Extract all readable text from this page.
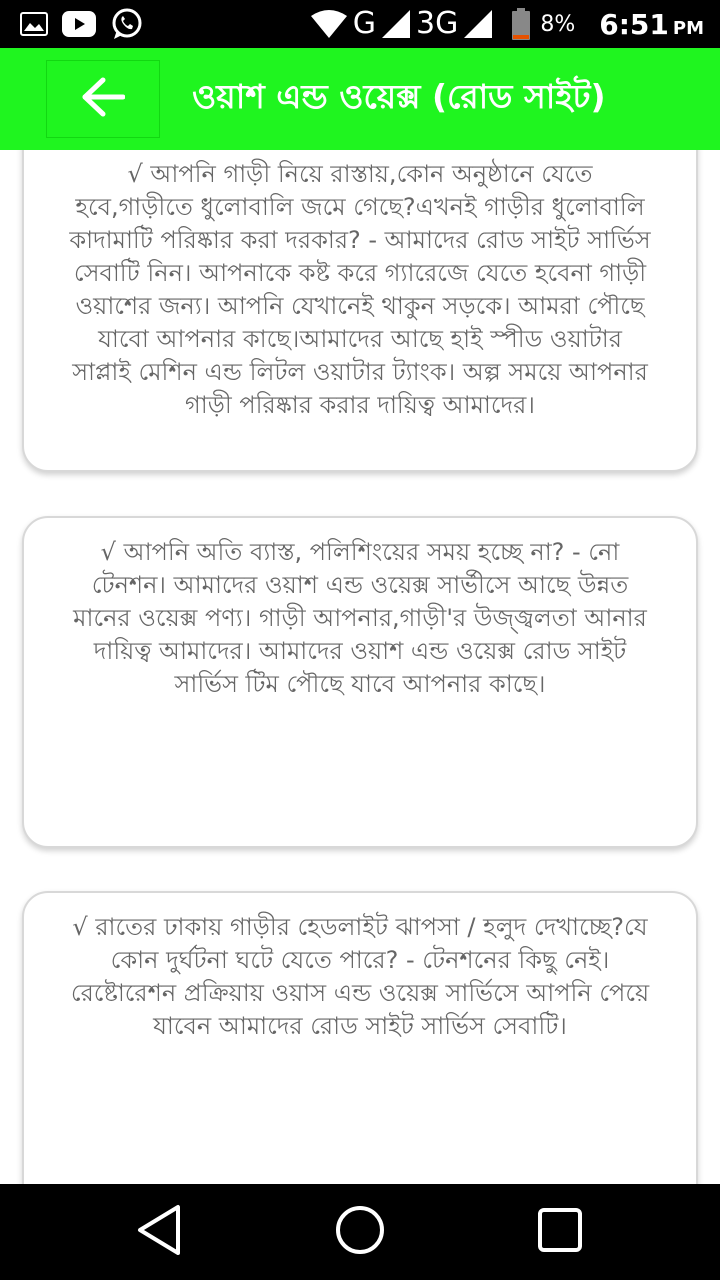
G 3G	8% 6:51 PM
ওয়াশ এন্ড ওয়েক্স (রোড সাইট)
√ আপনি গাড়ী নিয়ে রাস্তায়,কোন অনুষ্ঠানে যেতে হবে,গাড়ীতে ধুলোবালি জমে গেছে?এখনই গাড়ীর ধুলোবালি কাদামাটি পরিষ্কার করা দরকার? - আমাদের রোড সাইট সার্ভিস সেবাটি নিন। আপনাকে কষ্ট করে গ্যারেজে যেতে হবেনা গাড়ী ওয়াশের জন্য। আপনি যেখানেই থাকুন সড়কে। আমরা পৌছে যাবো আপনার কাছে।আমাদের আছে হাই স্পীড ওয়াটার সাপ্লাই মেশিন এন্ড লিটল ওয়াটার ট্যাংক। অল্প সময়ে আপনার গাড়ী পরিষ্কার করার দায়িত্ব আমাদের।
√ আপনি অতি ব্যাস্ত, পলিশিংয়ের সময় হচ্ছে না? - নো টেনশন। আমাদের ওয়াশ এন্ড ওয়েক্স সার্ভীসে আছে উন্নত মানের ওয়েক্স পণ্য। গাড়ী আপনার,গাড়ী'র উজ্জ্বলতা আনার দায়িত্ব আমাদের। আমাদের ওয়াশ এন্ড ওয়েক্স রোড সাইট সার্ভিস টিম পৌছে যাবে আপনার কাছে।
√ রাতের ঢাকায় গাড়ীর হেডলাইট ঝাপসা / হলুদ দেখাচ্ছে?যে কোন দুর্ঘটনা ঘটে যেতে পারে? - টেনশনের কিছু নেই। রেষ্টোরেশন প্রক্রিয়ায় ওয়াস এন্ড ওয়েক্স সার্ভিসে আপনি পেয়ে যাবেন আমাদের রোড সাইট সার্ভিস সেবাটি।
